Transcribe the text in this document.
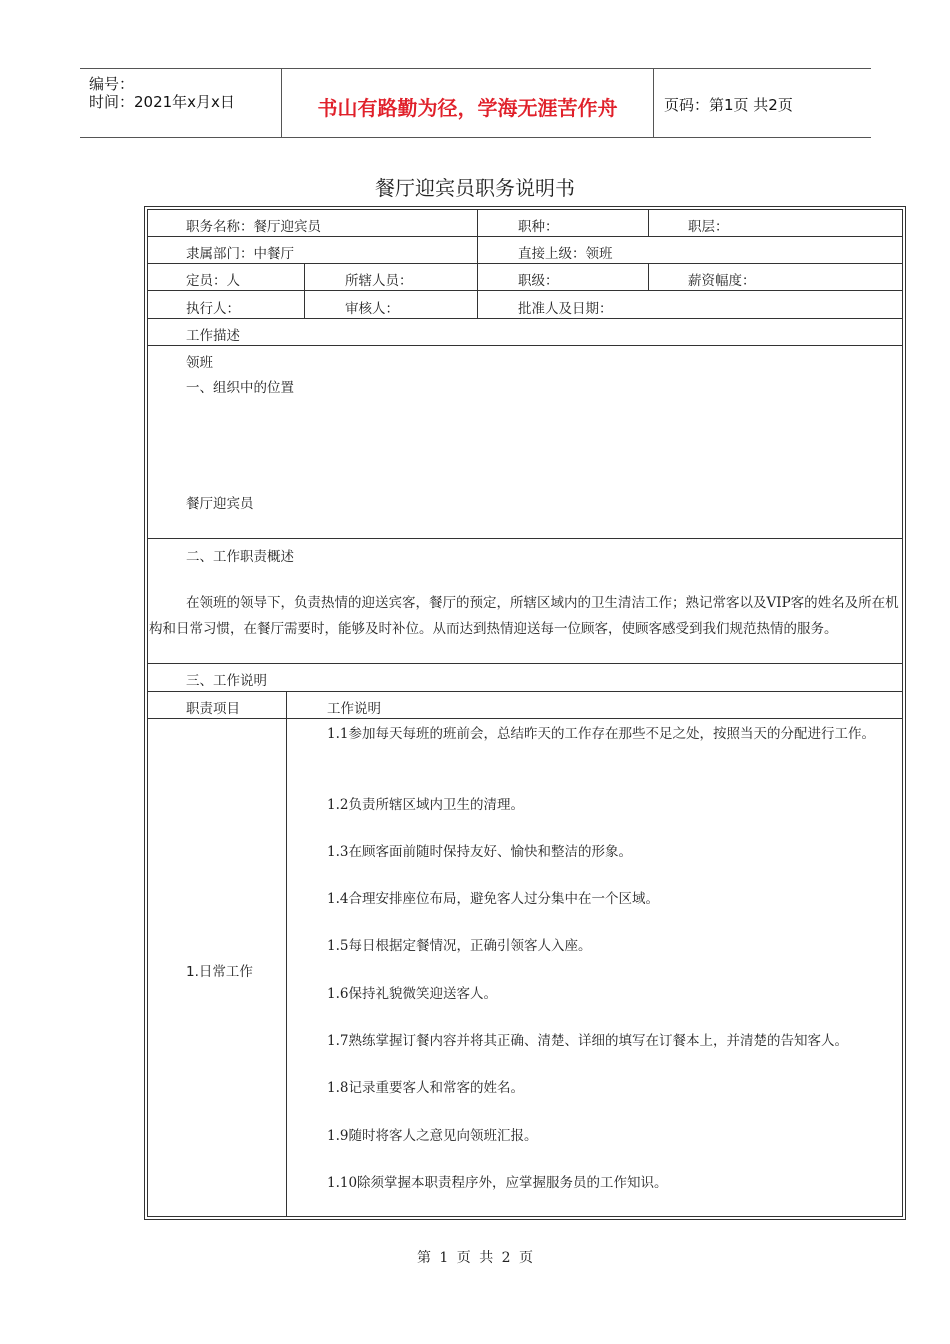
编号：
时间：2021年x月x日	书山有路勤为径，学海无涯苦作舟	页码：第1页 共2页
餐厅迎宾员职务说明书
职务名称：餐厅迎宾员	职种：	职层：
隶属部门：中餐厅	直接上级：领班
定员：人	所辖人员：	职级：	薪资幅度：
执行人：	审核人：	批准人及日期：
工作描述
领班
一、组织中的位置
餐厅迎宾员
二、工作职责概述
在领班的领导下，负责热情的迎送宾客，餐厅的预定，所辖区域内的卫生清洁工作；熟记常客以及VIP客的姓名及所在机构和日常习惯，在餐厅需要时，能够及时补位。从而达到热情迎送每一位顾客，使顾客感受到我们规范热情的服务。
三、工作说明
职责项目	工作说明
1.日常工作
1.1参加每天每班的班前会，总结昨天的工作存在那些不足之处，按照当天的分配进行工作。
1.2负责所辖区域内卫生的清理。
1.3在顾客面前随时保持友好、愉快和整洁的形象。
1.4合理安排座位布局，避免客人过分集中在一个区域。
1.5每日根据定餐情况，正确引领客人入座。
1.6保持礼貌微笑迎送客人。
1.7熟练掌握订餐内容并将其正确、清楚、详细的填写在订餐本上，并清楚的告知客人。
1.8记录重要客人和常客的姓名。
1.9随时将客人之意见向领班汇报。
1.10除须掌握本职责程序外，应掌握服务员的工作知识。
第 1 页 共 2 页
